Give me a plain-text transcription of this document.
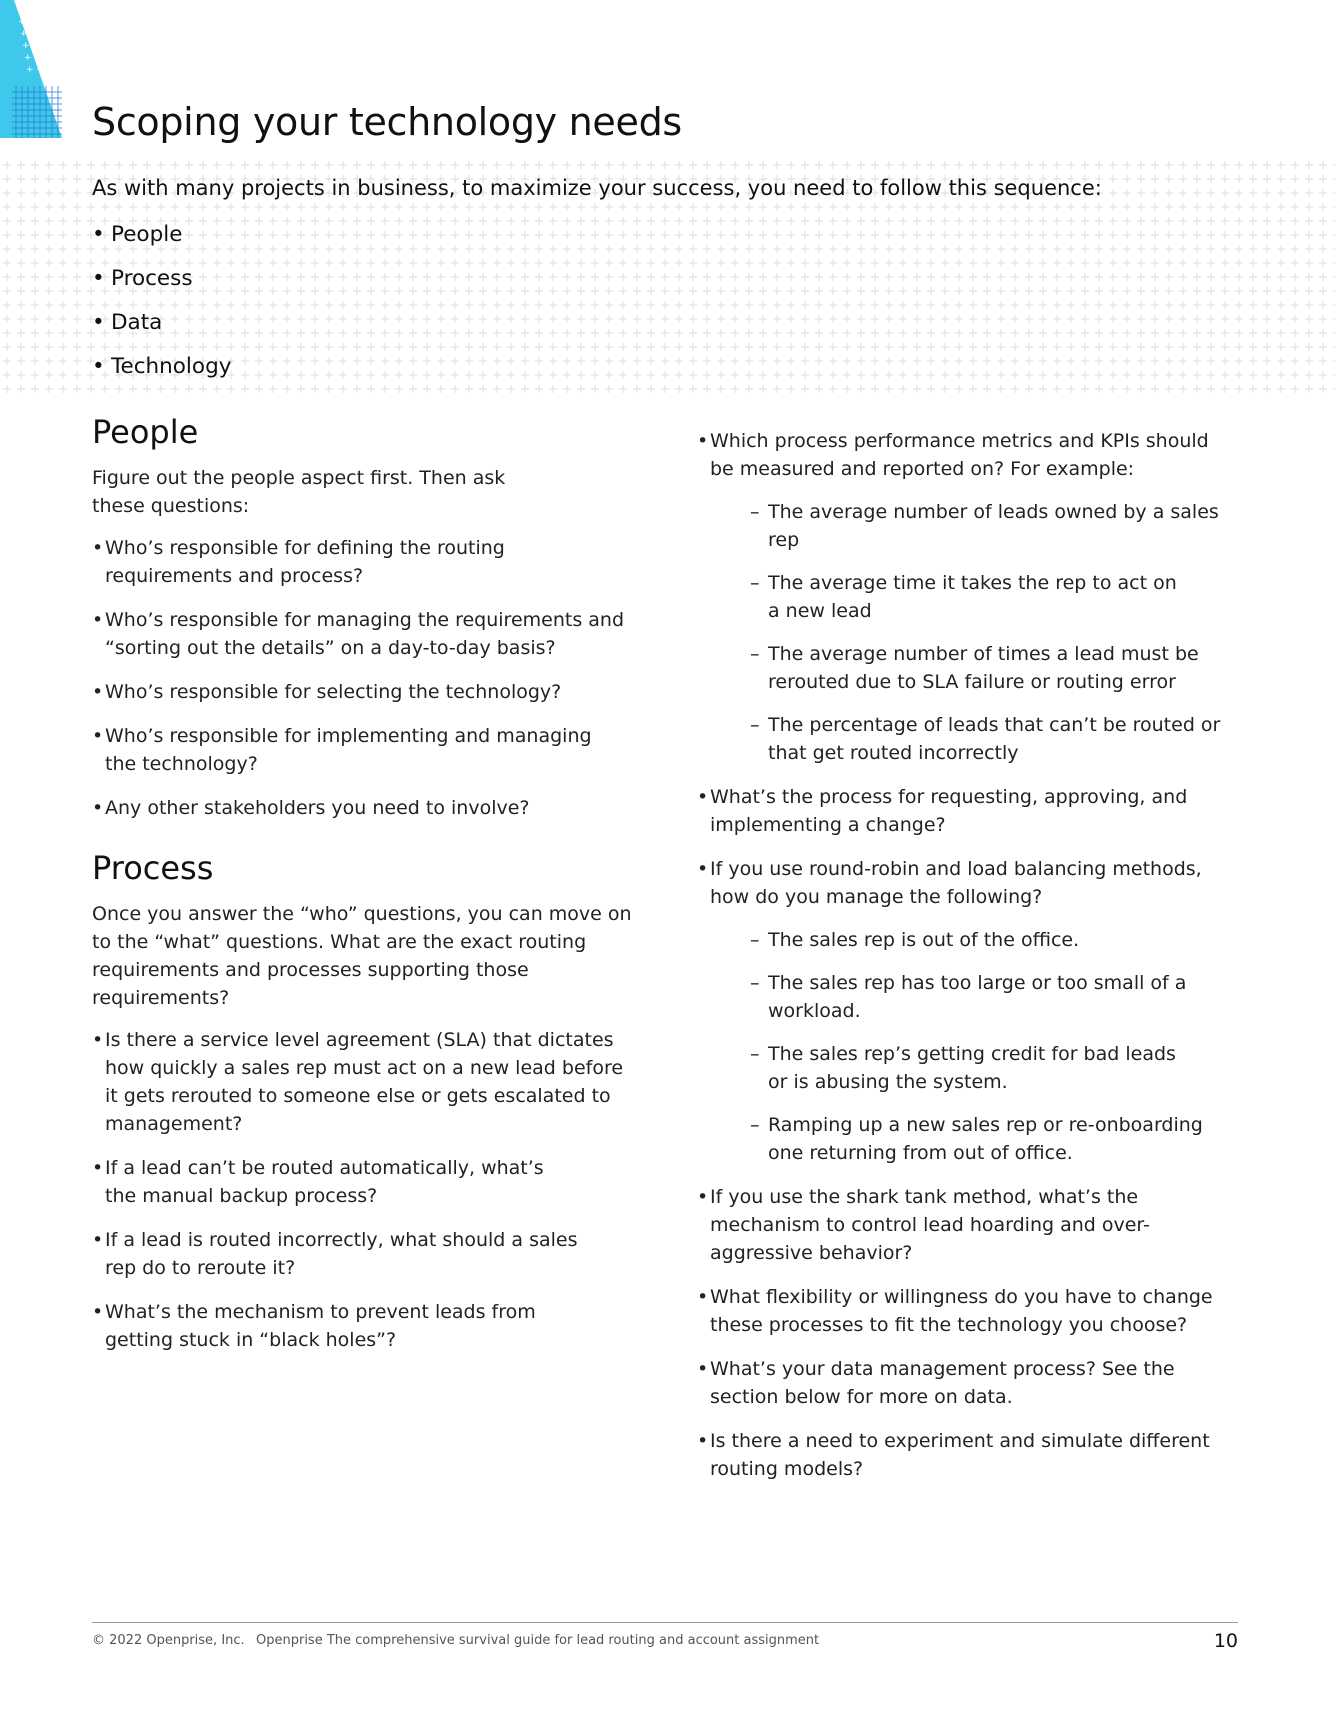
+ + + +
+ + + +
+ + + +
+ + + +
+ + + +
+ + +
Scoping your technology needs

As with many projects in business, to maximize your success, you need to follow this sequence:

• People
• Process
• Data
• Technology
People

Figure out the people aspect first. Then ask these questions:

• Who’s responsible for defining the routing requirements and process?
• Who’s responsible for managing the requirements and “sorting out the details” on a day-to-day basis?
• Who’s responsible for selecting the technology?
• Who’s responsible for implementing and managing the technology?
• Any other stakeholders you need to involve?
Process

Once you answer the “who” questions, you can move on to the “what” questions. What are the exact routing requirements and processes supporting those requirements?

• Is there a service level agreement (SLA) that dictates how quickly a sales rep must act on a new lead before it gets rerouted to someone else or gets escalated to management?
• If a lead can’t be routed automatically, what’s the manual backup process?
• If a lead is routed incorrectly, what should a sales rep do to reroute it?
• What’s the mechanism to prevent leads from getting stuck in “black holes”?
• Which process performance metrics and KPIs should be measured and reported on? For example:
– The average number of leads owned by a sales rep
– The average time it takes the rep to act on a new lead
– The average number of times a lead must be rerouted due to SLA failure or routing error
– The percentage of leads that can’t be routed or that get routed incorrectly
• What’s the process for requesting, approving, and implementing a change?
• If you use round-robin and load balancing methods, how do you manage the following?
– The sales rep is out of the office.
– The sales rep has too large or too small of a workload.
– The sales rep’s getting credit for bad leads or is abusing the system.
– Ramping up a new sales rep or re-onboarding one returning from out of office.
• If you use the shark tank method, what’s the mechanism to control lead hoarding and over-aggressive behavior?
• What flexibility or willingness do you have to change these processes to fit the technology you choose?
• What’s your data management process? See the section below for more on data.
• Is there a need to experiment and simulate different routing models?
© 2022 Openprise, Inc. Openprise The comprehensive survival guide for lead routing and account assignment	10
